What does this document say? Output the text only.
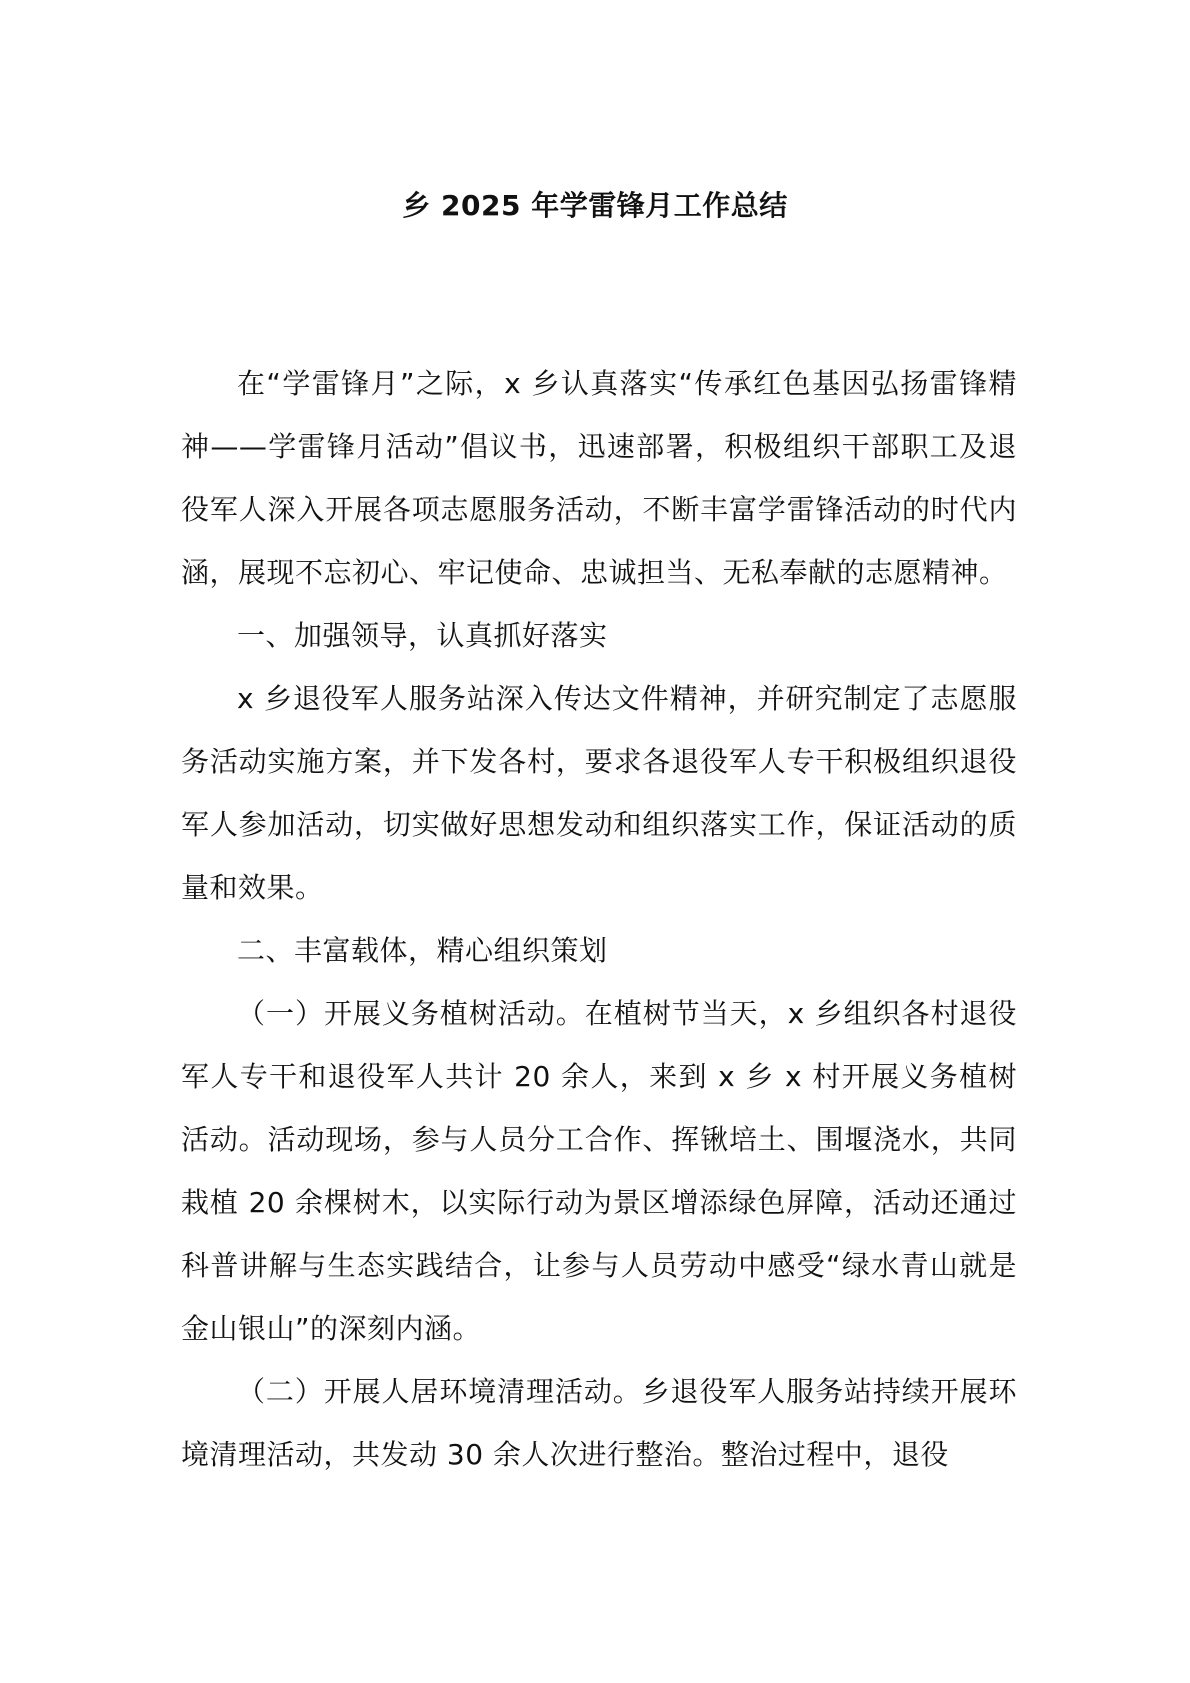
乡 2025 年学雷锋月工作总结

在“学雷锋月”之际，x 乡认真落实“传承红色基因弘扬雷锋精神——学雷锋月活动”倡议书，迅速部署，积极组织干部职工及退役军人深入开展各项志愿服务活动，不断丰富学雷锋活动的时代内涵，展现不忘初心、牢记使命、忠诚担当、无私奉献的志愿精神。

一、加强领导，认真抓好落实

x 乡退役军人服务站深入传达文件精神，并研究制定了志愿服务活动实施方案，并下发各村，要求各退役军人专干积极组织退役军人参加活动，切实做好思想发动和组织落实工作，保证活动的质量和效果。

二、丰富载体，精心组织策划

（一）开展义务植树活动。在植树节当天，x 乡组织各村退役军人专干和退役军人共计 20 余人，来到 x 乡 x 村开展义务植树活动。活动现场，参与人员分工合作、挥锹培土、围堰浇水，共同栽植 20 余棵树木，以实际行动为景区增添绿色屏障，活动还通过科普讲解与生态实践结合，让参与人员劳动中感受“绿水青山就是金山银山”的深刻内涵。

（二）开展人居环境清理活动。乡退役军人服务站持续开展环境清理活动，共发动 30 余人次进行整治。整治过程中，退役
